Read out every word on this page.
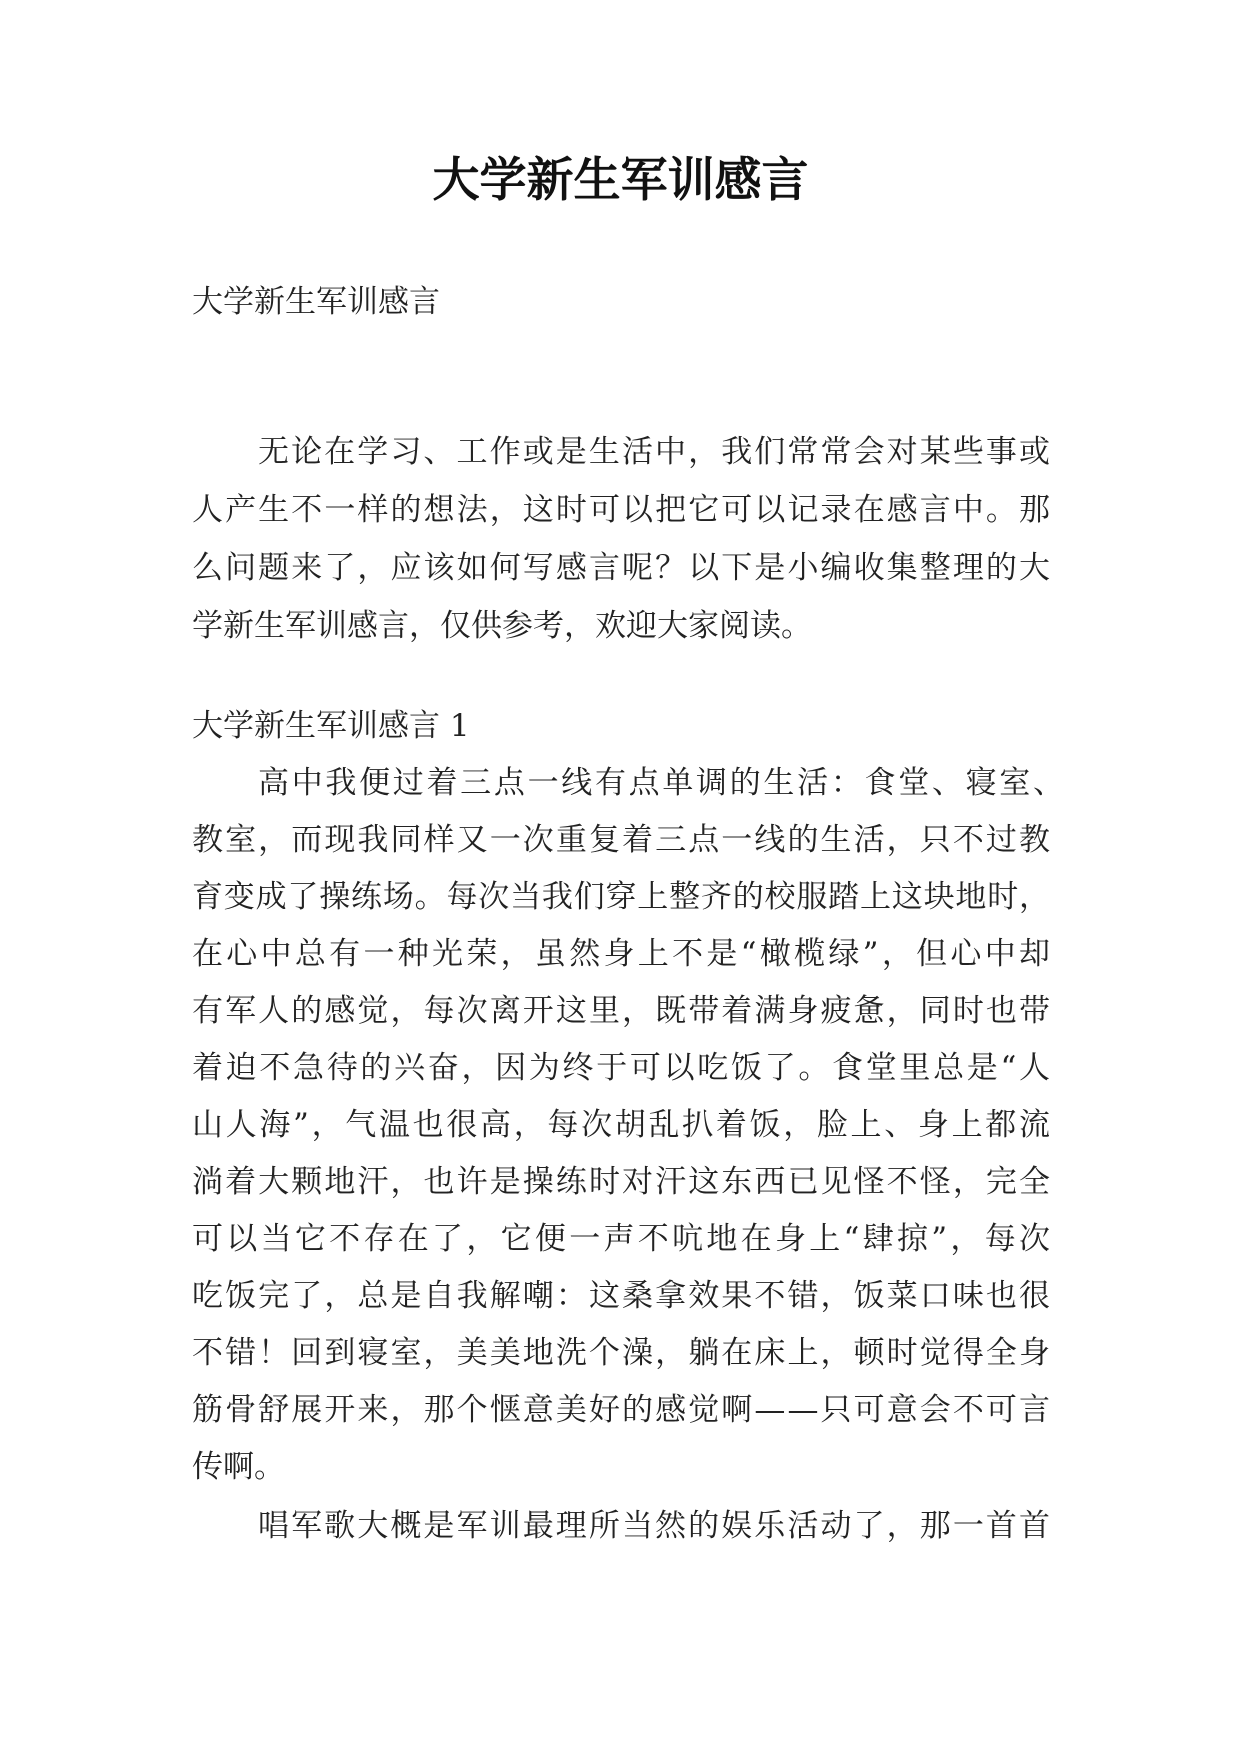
大学新生军训感言
大学新生军训感言
无论在学习、工作或是生活中，我们常常会对某些事或
人产生不一样的想法，这时可以把它可以记录在感言中。那
么问题来了，应该如何写感言呢？以下是小编收集整理的大
学新生军训感言，仅供参考，欢迎大家阅读。
大学新生军训感言 1
高中我便过着三点一线有点单调的生活：食堂、寝室、
教室，而现我同样又一次重复着三点一线的生活，只不过教
育变成了操练场。每次当我们穿上整齐的校服踏上这块地时，
在心中总有一种光荣，虽然身上不是“橄榄绿”，但心中却
有军人的感觉，每次离开这里，既带着满身疲惫，同时也带
着迫不急待的兴奋，因为终于可以吃饭了。食堂里总是“人
山人海”，气温也很高，每次胡乱扒着饭，脸上、身上都流
淌着大颗地汗，也许是操练时对汗这东西已见怪不怪，完全
可以当它不存在了，它便一声不吭地在身上“肆掠”，每次
吃饭完了，总是自我解嘲：这桑拿效果不错，饭菜口味也很
不错！回到寝室，美美地洗个澡，躺在床上，顿时觉得全身
筋骨舒展开来，那个惬意美好的感觉啊——只可意会不可言
传啊。
唱军歌大概是军训最理所当然的娱乐活动了，那一首首
